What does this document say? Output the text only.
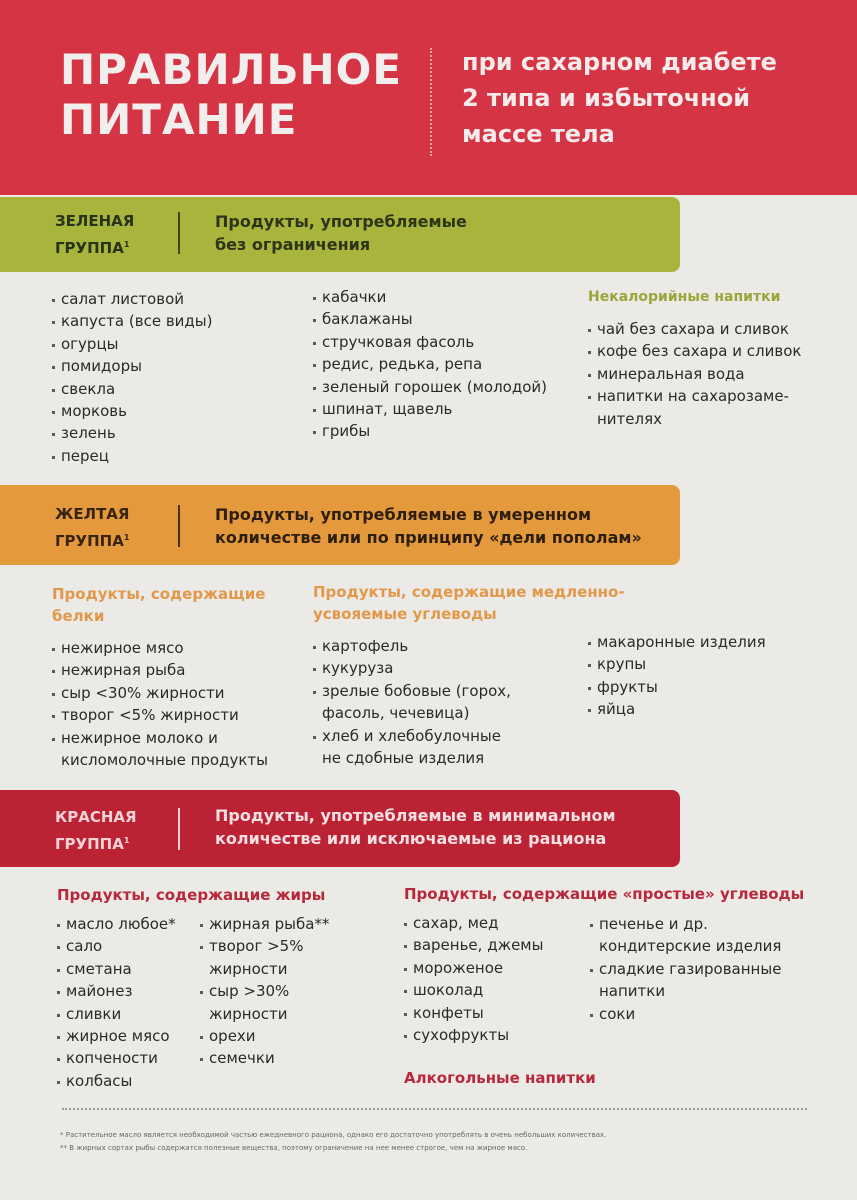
ПРАВИЛЬНОЕ
ПИТАНИЕ
при сахарном диабете
2 типа и избыточной
массе тела
ЗЕЛЕНАЯ
ГРУППА$^1$
Продукты, употребляемые
без ограничения
салат листовой
капуста (все виды)
огурцы
помидоры
свекла
морковь
зелень
перец
кабачки
баклажаны
стручковая фасоль
редис, редька, репа
зеленый горошек (молодой)
шпинат, щавель
грибы
Некалорийные напитки
чай без сахара и сливок
кофе без сахара и сливок
минеральная вода
напитки на сахарозаме-
нителях
ЖЕЛТАЯ
ГРУППА$^1$
Продукты, употребляемые в умеренном
количестве или по принципу «дели пополам»
Продукты, содержащие
белки
нежирное мясо
нежирная рыба
сыр <30% жирности
творог <5% жирности
нежирное молоко и
кисломолочные продукты
Продукты, содержащие медленно-
усвояемые углеводы
картофель
кукуруза
зрелые бобовые (горох,
фасоль, чечевица)
хлеб и хлебобулочные
не сдобные изделия
макаронные изделия
крупы
фрукты
яйца
КРАСНАЯ
ГРУППА$^1$
Продукты, употребляемые в минимальном
количестве или исключаемые из рациона
Продукты, содержащие жиры
масло любое*
сало
сметана
майонез
сливки
жирное мясо
копчености
колбасы
жирная рыба**
творог >5%
жирности
сыр >30%
жирности
орехи
семечки
Продукты, содержащие «простые» углеводы
сахар, мед
варенье, джемы
мороженое
шоколад
конфеты
сухофрукты
Алкогольные напитки
печенье и др.
кондитерские изделия
сладкие газированные
напитки
соки
* Растительное масло является необходимой частью ежедневного рациона, однако его достаточно употреблять в очень небольших количествах.
** В жирных сортах рыбы содержатся полезные вещества, поэтому ограничение на нее менее строгое, чем на жирное мясо.
